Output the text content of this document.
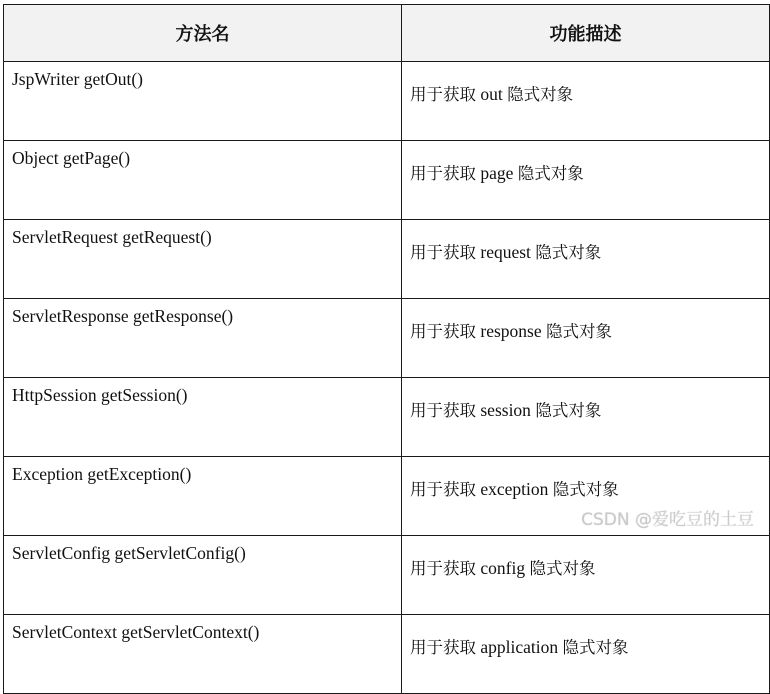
方法名	功能描述
JspWriter getOut()	用于获取 out 隐式对象
Object getPage()	用于获取 page 隐式对象
ServletRequest getRequest()	用于获取 request 隐式对象
ServletResponse getResponse()	用于获取 response 隐式对象
HttpSession getSession()	用于获取 session 隐式对象
Exception getException()	用于获取 exception 隐式对象
ServletConfig getServletConfig()	用于获取 config 隐式对象
ServletContext getServletContext()	用于获取 application 隐式对象
CSDN @爱吃豆的土豆
